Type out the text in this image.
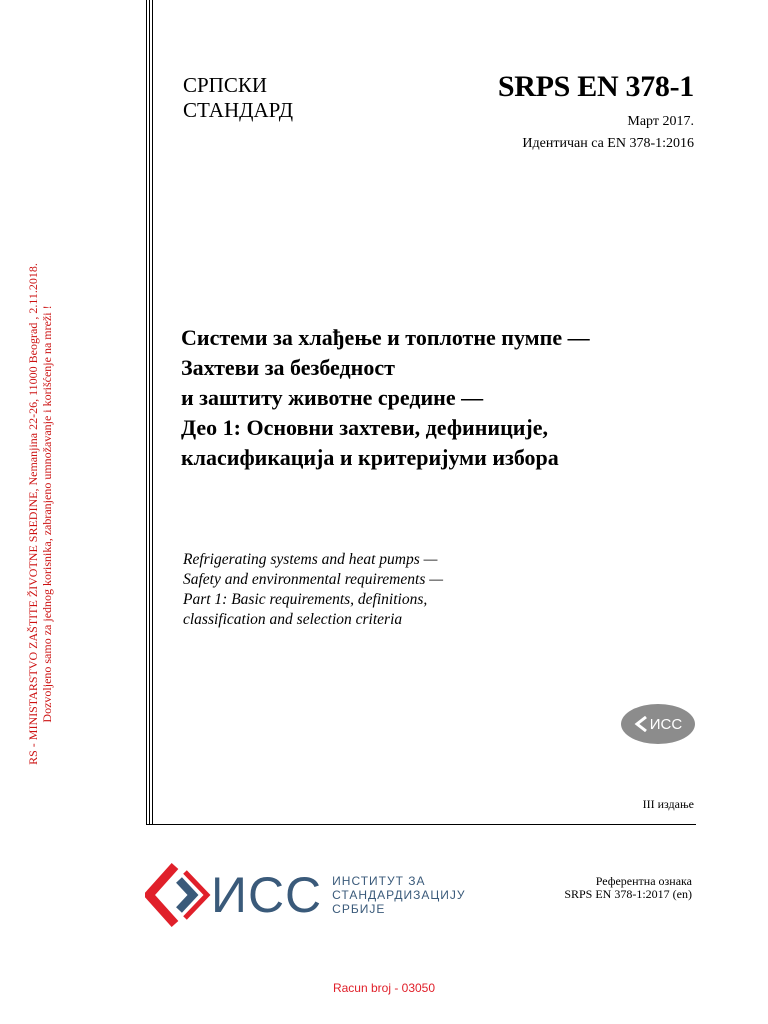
RS - MINISTARSTVO ZAŠTITE ŽIVOTNE SREDINE, Nemanjina 22-26, 11000 Beograd , 2.11.2018. Dozvoljeno samo za jednog korisnika, zabranjeno umnožavanje i korišćenje na mreži !
СРПСКИ
СТАНДАРД
SRPS EN 378-1
Март 2017.
Идентичан са EN 378-1:2016
Системи за хлађење и топлотне пумпе —
Захтеви за безбедност
и заштиту животне средине —
Део 1: Основни захтеви, дефиниције,
класификација и критеријуми избора
Refrigerating systems and heat pumps —
Safety and environmental requirements —
Part 1: Basic requirements, definitions,
classification and selection criteria
ИСС
III издање
ИСС ИНСТИТУТ ЗА
СТАНДАРДИЗАЦИЈУ
СРБИЈЕ
Референтна ознака
SRPS EN 378-1:2017 (en)
Racun broj - 03050
